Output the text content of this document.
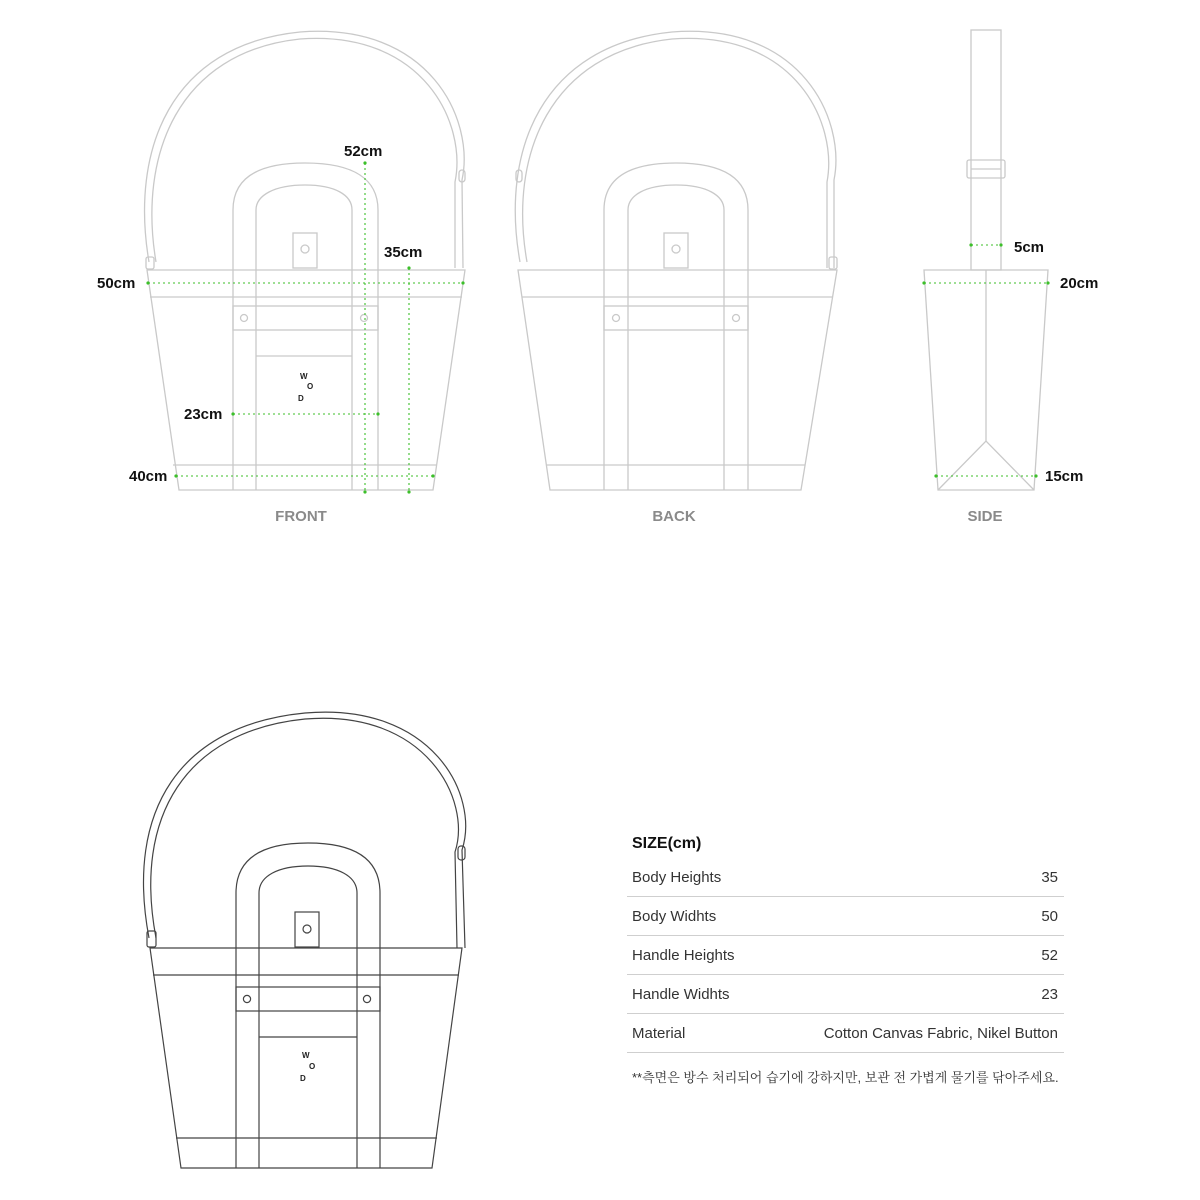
W
O
D
52cm
35cm
50cm
23cm
40cm
FRONT	BACK
5cm
20cm
15cm
SIDE
W
O
D
SIZE(cm)
Body Heights	35
Body Widhts	50
Handle Heights	52
Handle Widhts	23
Material	Cotton Canvas Fabric, Nikel Button
**측면은 방수 처리되어 습기에 강하지만, 보관 전 가볍게 물기를 닦아주세요.
